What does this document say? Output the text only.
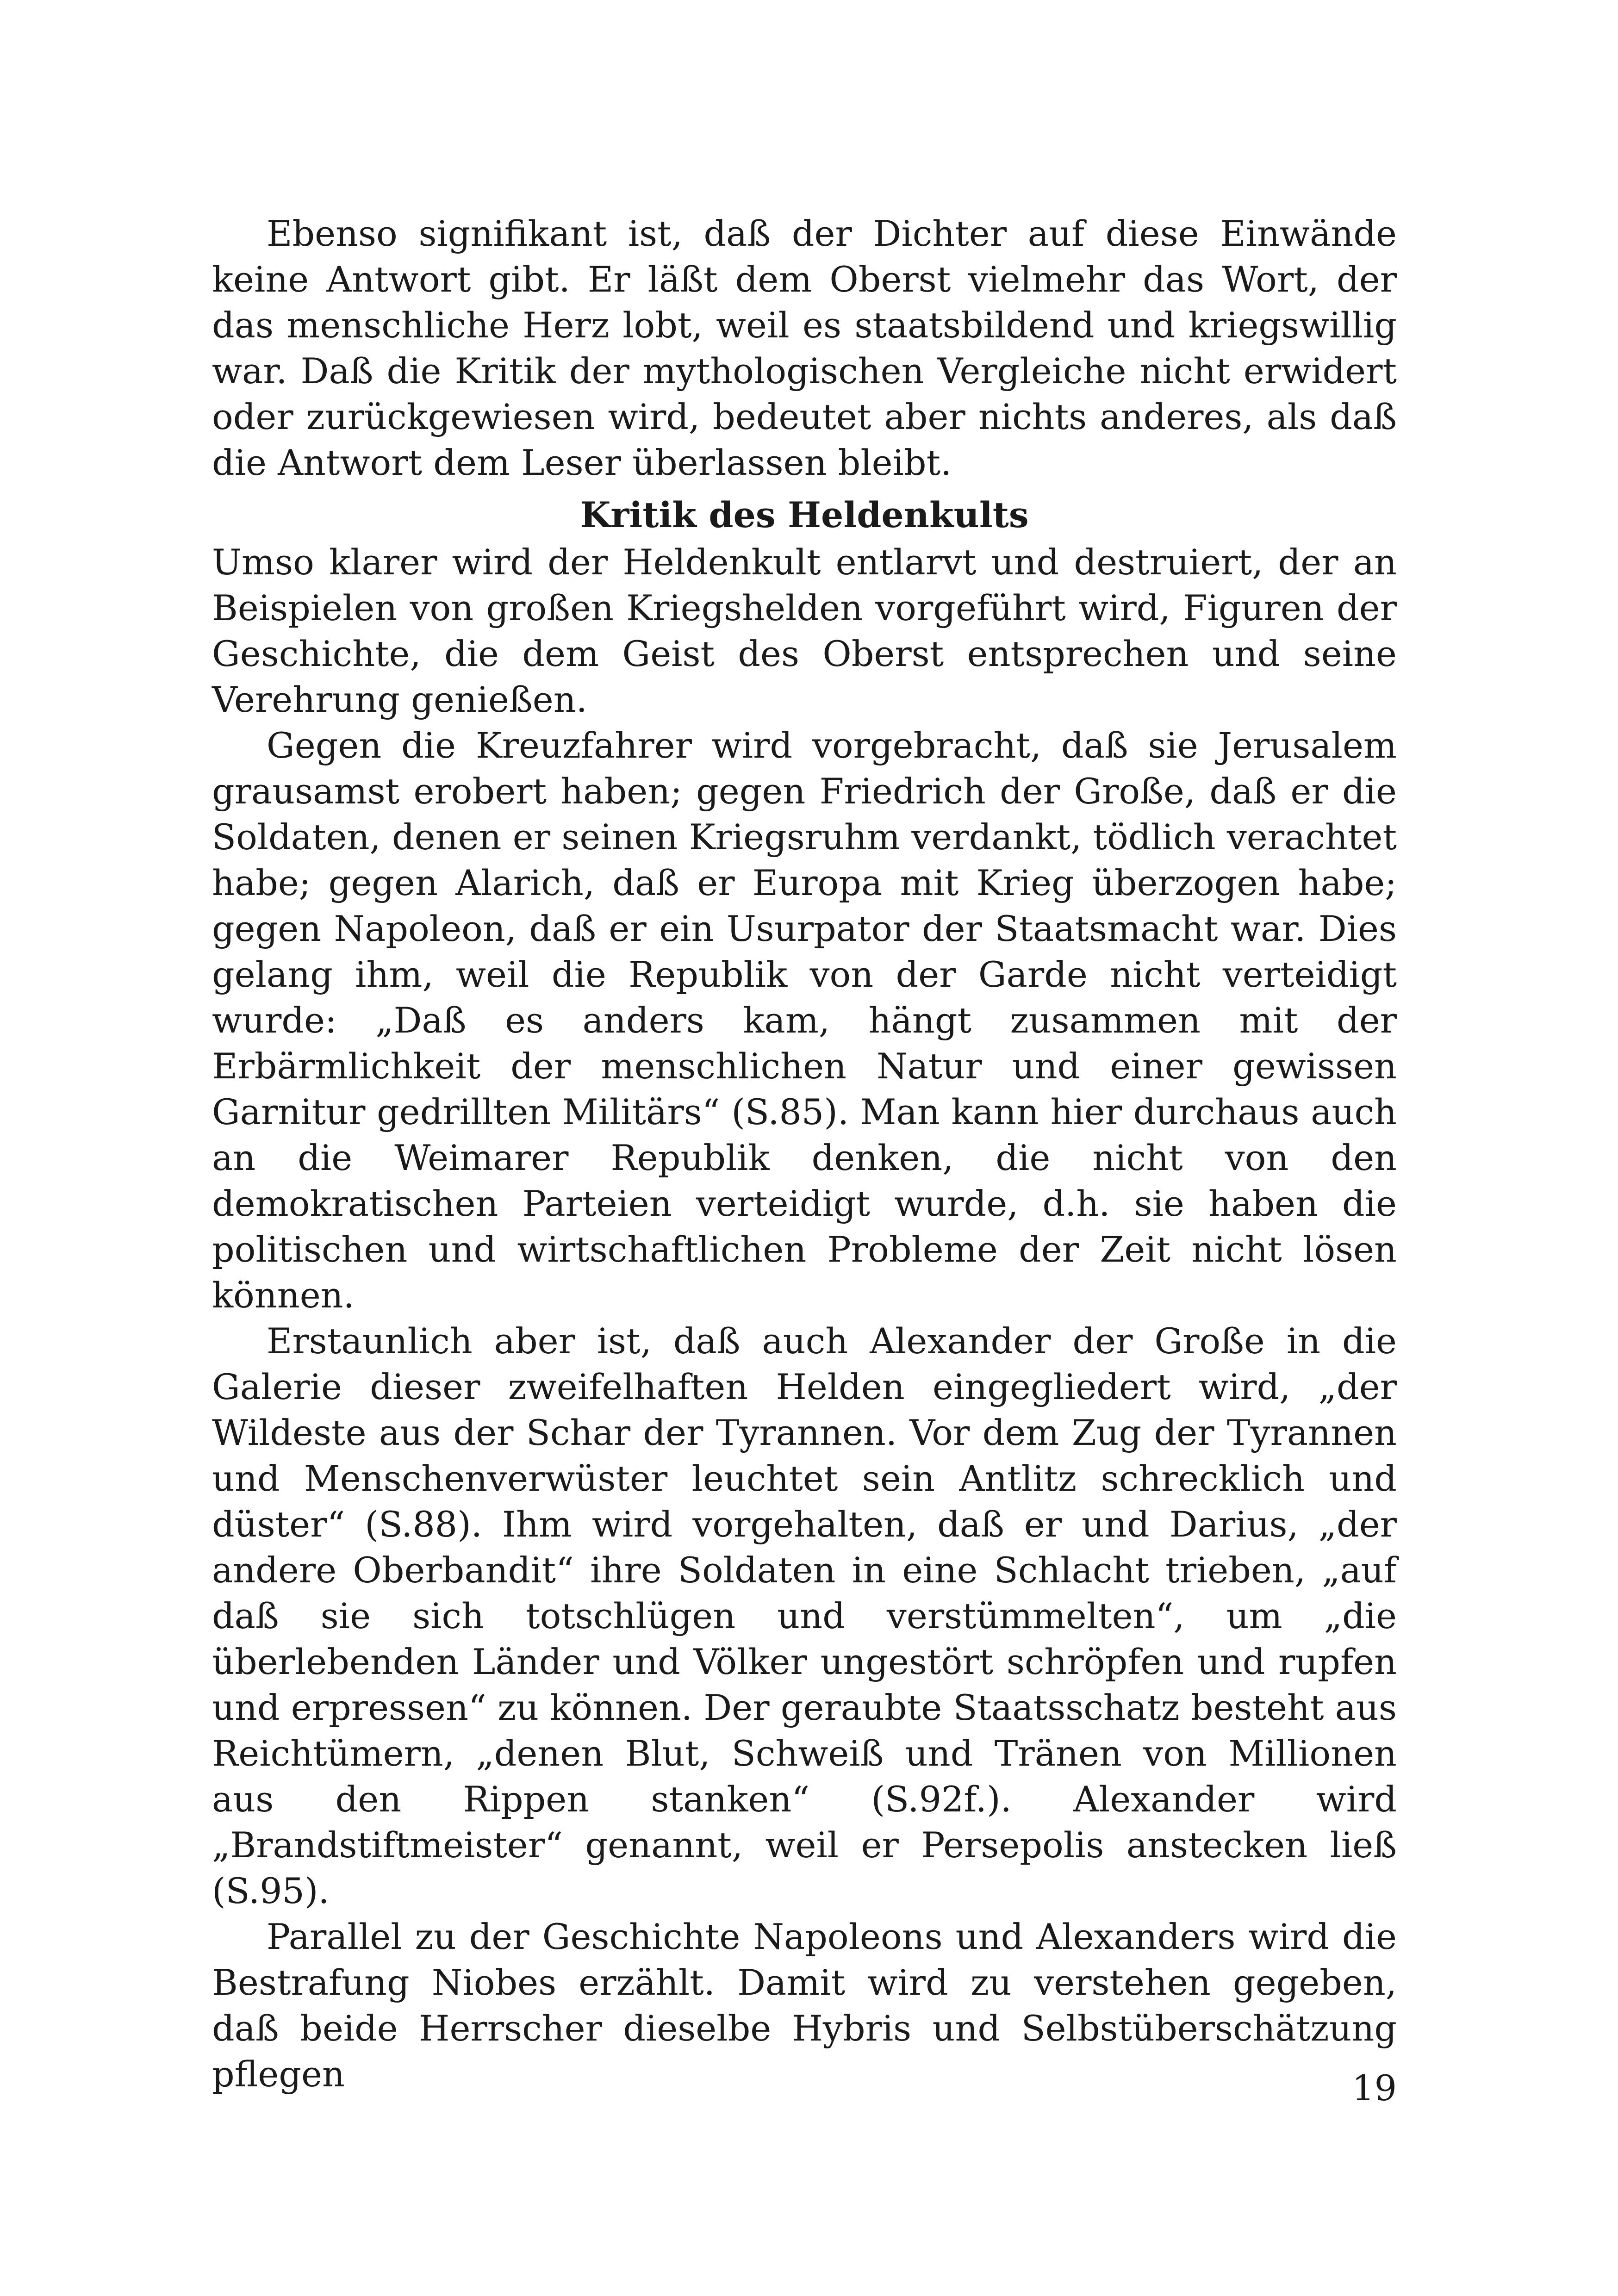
Ebenso signifikant ist, daß der Dichter auf diese Einwände keine Antwort gibt. Er läßt dem Oberst vielmehr das Wort, der das menschliche Herz lobt, weil es staatsbildend und kriegswillig war. Daß die Kritik der mythologischen Vergleiche nicht erwidert oder zurückgewiesen wird, bedeutet aber nichts anderes, als daß die Antwort dem Leser überlassen bleibt.

Kritik des Heldenkults

Umso klarer wird der Heldenkult entlarvt und destruiert, der an Beispielen von großen Kriegshelden vorgeführt wird, Figuren der Geschichte, die dem Geist des Oberst entsprechen und seine Verehrung genießen.

Gegen die Kreuzfahrer wird vorgebracht, daß sie Jerusalem grausamst erobert haben; gegen Friedrich der Große, daß er die Soldaten, denen er seinen Kriegsruhm verdankt, tödlich verachtet habe; gegen Alarich, daß er Europa mit Krieg überzogen habe; gegen Napoleon, daß er ein Usurpator der Staatsmacht war. Dies gelang ihm, weil die Republik von der Garde nicht verteidigt wurde: „Daß es anders kam, hängt zusammen mit der Erbärmlichkeit der menschlichen Natur und einer gewissen Garnitur gedrillten Militärs“ (S.85). Man kann hier durchaus auch an die Weimarer Republik denken, die nicht von den demokratischen Parteien verteidigt wurde, d.h. sie haben die politischen und wirtschaftlichen Probleme der Zeit nicht lösen können.

Erstaunlich aber ist, daß auch Alexander der Große in die Galerie dieser zweifelhaften Helden eingegliedert wird, „der Wildeste aus der Schar der Tyrannen. Vor dem Zug der Tyrannen und Menschenverwüster leuchtet sein Antlitz schrecklich und düster“ (S.88). Ihm wird vorgehalten, daß er und Darius, „der andere Oberbandit“ ihre Soldaten in eine Schlacht trieben, „auf daß sie sich totschlügen und verstümmelten“, um „die überlebenden Länder und Völker ungestört schröpfen und rupfen und erpressen“ zu können. Der geraubte Staatsschatz besteht aus Reichtümern, „denen Blut, Schweiß und Tränen von Millionen aus den Rippen stanken“ (S.92f.). Alexander wird „Brandstiftmeister“ genannt, weil er Persepolis anstecken ließ (S.95).

Parallel zu der Geschichte Napoleons und Alexanders wird die Bestrafung Niobes erzählt. Damit wird zu verstehen gegeben, daß beide Herrscher dieselbe Hybris und Selbstüberschätzung pflegen	19
